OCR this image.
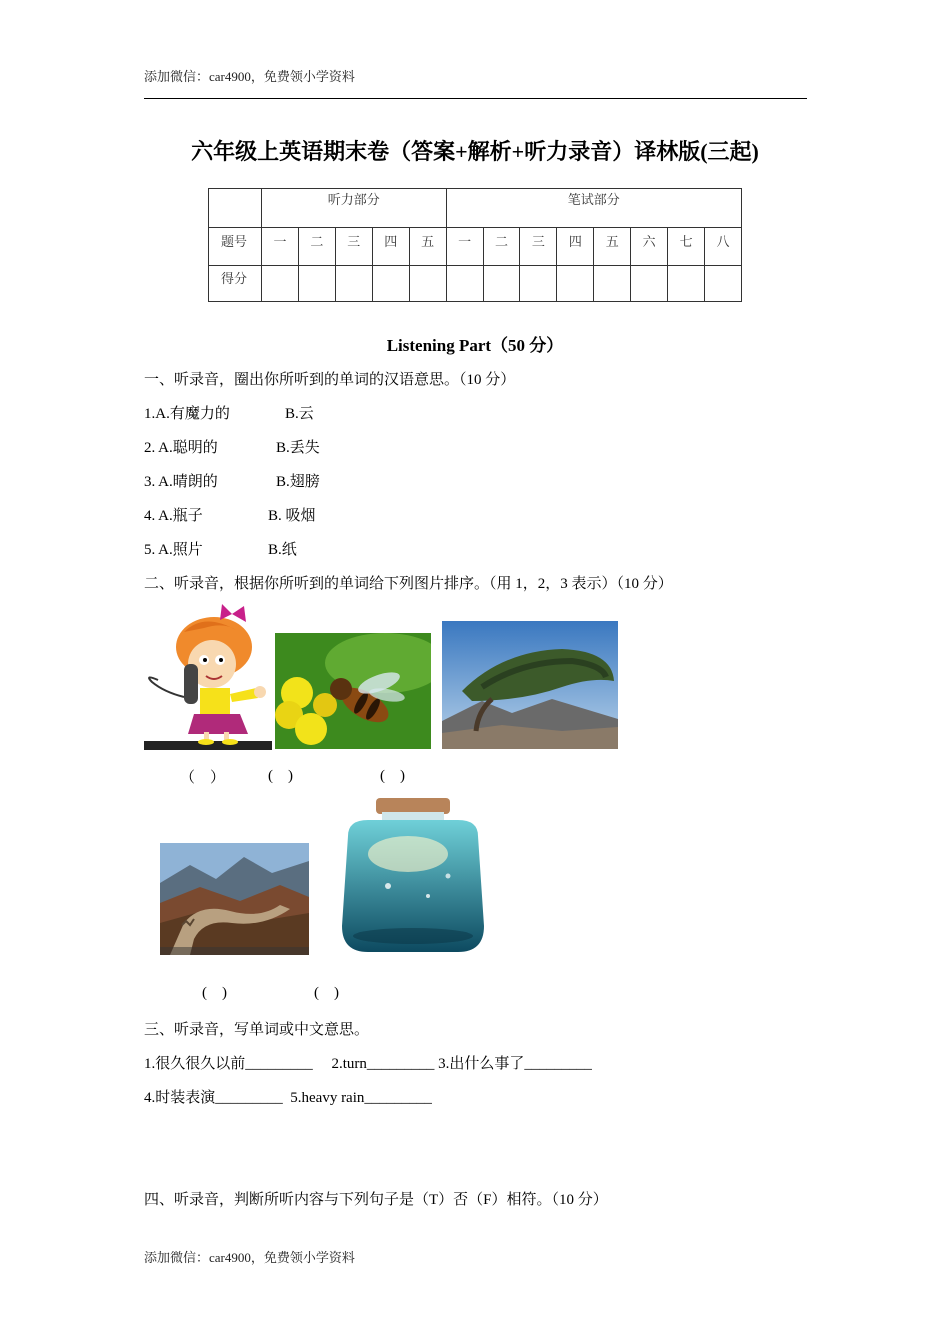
添加微信：car4900，免费领小学资料
六年级上英语期末卷（答案+解析+听力录音）译林版(三起)
	听力部分					笔试部分							
题号	一	二	三	四	五	一	二	三	四	五	六	七	八
得分													
Listening Part（50 分）
一、听录音，圈出你所听到的单词的汉语意思。（10 分）
1.A.有魔力的	B.云
2. A.聪明的	B.丢失
3. A.晴朗的	B.翅膀
4. A.瓶子	B. 吸烟
5. A.照片	B.纸
二、听录音，根据你所听到的单词给下列图片排序。（用 1，2，3 表示）（10 分）
（    ）	(    )	(    )
(    )	(    )
三、听录音，写单词或中文意思。
1.很久很久以前_________     2.turn_________ 3.出什么事了_________
4.时装表演_________  5.heavy rain_________
四、听录音，判断所听内容与下列句子是（T）否（F）相符。（10 分）
添加微信：car4900，免费领小学资料
